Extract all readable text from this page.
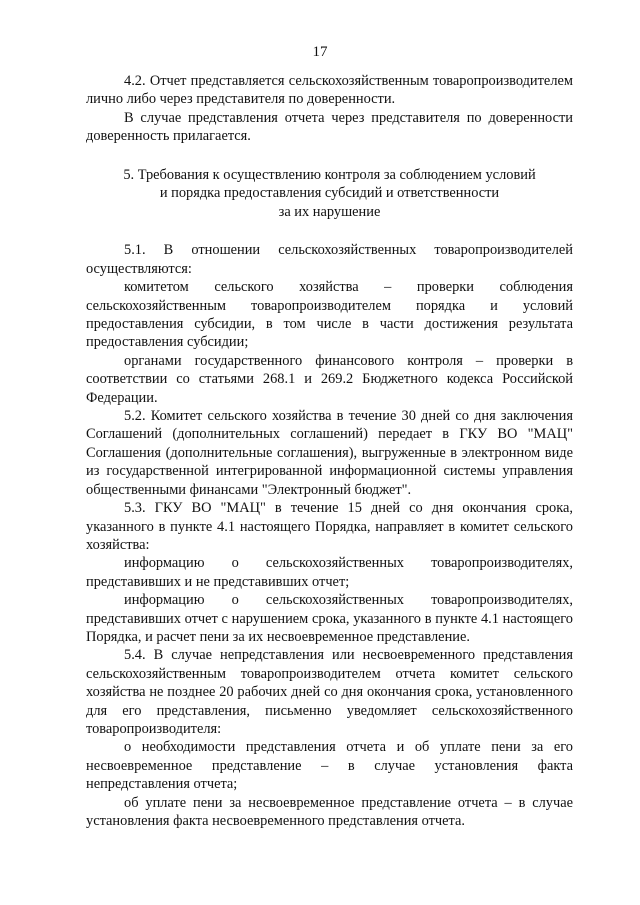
17

4.2. Отчет представляется сельскохозяйственным товаропроизводителем лично либо через представителя по доверенности.

В случае представления отчета через представителя по доверенности доверенность прилагается.

5. Требования к осуществлению контроля за соблюдением условий
и порядка предоставления субсидий и ответственности
за их нарушение

5.1. В отношении сельскохозяйственных товаропроизводителей осуществляются:

комитетом сельского хозяйства – проверки соблюдения сельскохозяйственным товаропроизводителем порядка и условий предоставления субсидии, в том числе в части достижения результата предоставления субсидии;

органами государственного финансового контроля – проверки в соответствии со статьями 268.1 и 269.2 Бюджетного кодекса Российской Федерации.

5.2. Комитет сельского хозяйства в течение 30 дней со дня заключения Соглашений (дополнительных соглашений) передает в ГКУ ВО "МАЦ" Соглашения (дополнительные соглашения), выгруженные в электронном виде из государственной интегрированной информационной системы управления общественными финансами "Электронный бюджет".

5.3. ГКУ ВО "МАЦ" в течение 15 дней со дня окончания срока, указанного в пункте 4.1 настоящего Порядка, направляет в комитет сельского хозяйства:

информацию о сельскохозяйственных товаропроизводителях, представивших и не представивших отчет;

информацию о сельскохозяйственных товаропроизводителях, представивших отчет с нарушением срока, указанного в пункте 4.1 настоящего Порядка, и расчет пени за их несвоевременное представление.

5.4. В случае непредставления или несвоевременного представления сельскохозяйственным товаропроизводителем отчета комитет сельского хозяйства не позднее 20 рабочих дней со дня окончания срока, установленного для его представления, письменно уведомляет сельскохозяйственного товаропроизводителя:

о необходимости представления отчета и об уплате пени за его несвоевременное представление – в случае установления факта непредставления отчета;

об уплате пени за несвоевременное представление отчета – в случае установления факта несвоевременного представления отчета.
